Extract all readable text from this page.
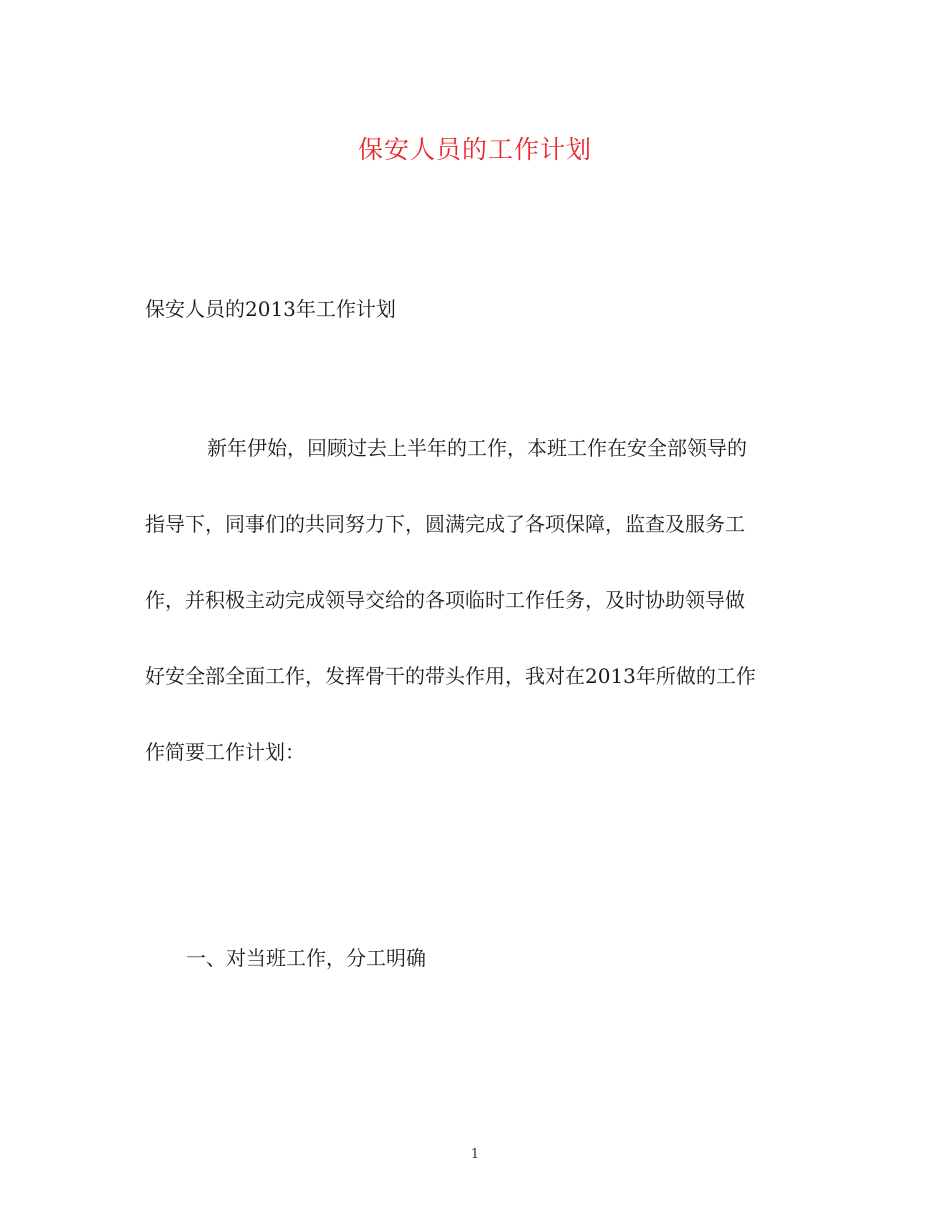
保安人员的工作计划
保安人员的2013年工作计划
新年伊始，回顾过去上半年的工作，本班工作在安全部领导的
指导下，同事们的共同努力下，圆满完成了各项保障，监查及服务工
作，并积极主动完成领导交给的各项临时工作任务，及时协助领导做
好安全部全面工作，发挥骨干的带头作用，我对在2013年所做的工作
作简要工作计划：
一、对当班工作，分工明确
1
